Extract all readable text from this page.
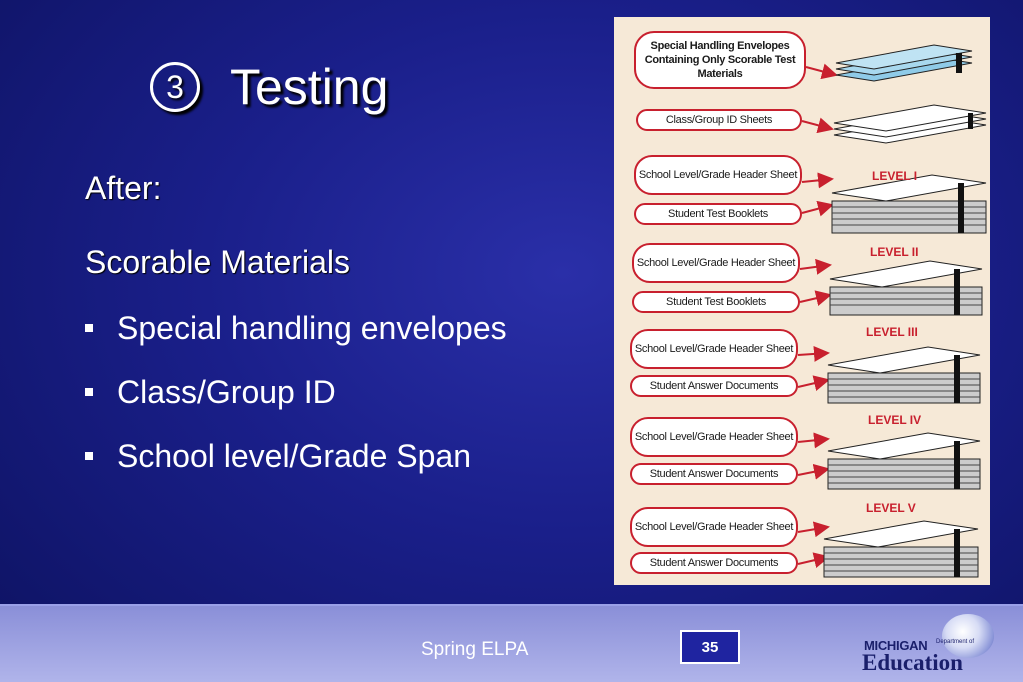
3 Testing
After:
Scorable Materials
Special handling envelopes
Class/Group ID
School level/Grade Span
Special Handling Envelopes Containing Only Scorable Test Materials
Class/Group ID Sheets
LEVEL I
School Level/Grade Header Sheet
Student Test Booklets
LEVEL II
School Level/Grade Header Sheet
Student Test Booklets
LEVEL III
School Level/Grade Header Sheet
Student Answer Documents
LEVEL IV
School Level/Grade Header Sheet
Student Answer Documents
LEVEL V
School Level/Grade Header Sheet
Student Answer Documents
Spring ELPA	35	MICHIGAN Department of
Education
